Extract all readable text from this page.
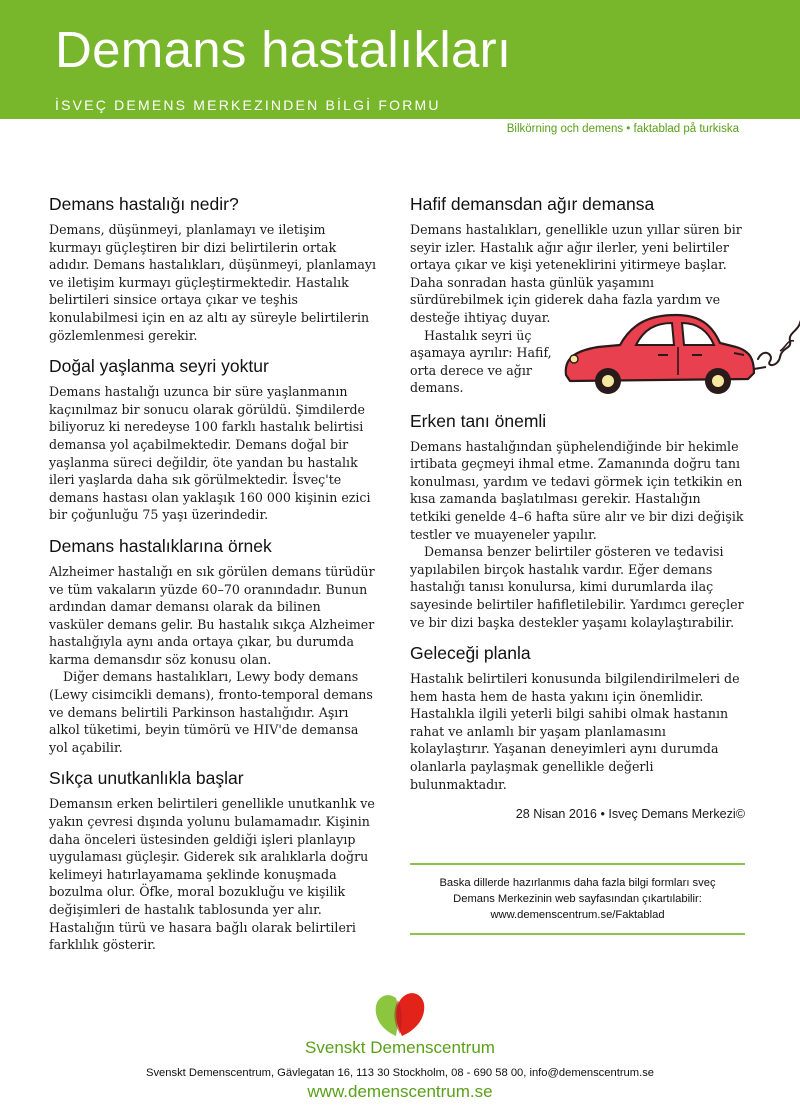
Demans hastalıkları

İSVEÇ DEMENS MERKEZINDEN BİLGİ FORMU

Bilkörning och demens • faktablad på turkiska

Demans hastalığı nedir?

Demans, düşünmeyi, planlamayı ve iletişim kurmayı güçleştiren bir dizi belirtilerin ortak adıdır. Demans hastalıkları, düşünmeyi, planlamayı ve iletişim kurmayı güçleştirmektedir. Hastalık belirtileri sinsice ortaya çıkar ve teşhis konulabilmesi için en az altı ay süreyle belirtilerin gözlemlenmesi gerekir.

Doğal yaşlanma seyri yoktur

Demans hastalığı uzunca bir süre yaşlanmanın kaçınılmaz bir sonucu olarak görüldü. Şimdilerde biliyoruz ki neredeyse 100 farklı hastalık belirtisi demansa yol açabilmektedir. Demans doğal bir yaşlanma süreci değildir, öte yandan bu hastalık ileri yaşlarda daha sık görülmektedir. İsveç'te demans hastası olan yaklaşık 160 000 kişinin ezici bir çoğunluğu 75 yaşı üzerindedir.

Demans hastalıklarına örnek

Alzheimer hastalığı en sık görülen demans türüdür ve tüm vakaların yüzde 60–70 oranındadır. Bunun ardından damar demansı olarak da bilinen vasküler demans gelir. Bu hastalık sıkça Alzheimer hastalığıyla aynı anda ortaya çıkar, bu durumda karma demansdır söz konusu olan.

Diğer demans hastalıkları, Lewy body demans (Lewy cisimcikli demans), fronto-temporal demans ve demans belirtili Parkinson hastalığıdır. Aşırı alkol tüketimi, beyin tümörü ve HIV'de demansa yol açabilir.

Sıkça unutkanlıkla başlar

Demansın erken belirtileri genellikle unutkanlık ve yakın çevresi dışında yolunu bulamamadır. Kişinin daha önceleri üstesinden geldiği işleri planlayıp uygulaması güçleşir. Giderek sık aralıklarla doğru kelimeyi hatırlayamama şeklinde konuşmada bozulma olur. Öfke, moral bozukluğu ve kişilik değişimleri de hastalık tablosunda yer alır. Hastalığın türü ve hasara bağlı olarak belirtileri farklılık gösterir.

Hafif demansdan ağır demansa

Demans hastalıkları, genellikle uzun yıllar süren bir seyir izler. Hastalık ağır ağır ilerler, yeni belirtiler ortaya çıkar ve kişi yeteneklirini yitirmeye başlar. Daha sonradan hasta günlük yaşamını sürdürebilmek için giderek daha fazla yardım ve desteğe ihtiyaç duyar.

Hastalık seyri üç aşamaya ayrılır: Hafif, orta derece ve ağır demans.

Erken tanı önemli

Demans hastalığından şüphelendiğinde bir hekimle irtibata geçmeyi ihmal etme. Zamanında doğru tanı konulması, yardım ve tedavi görmek için tetkikin en kısa zamanda başlatılması gerekir. Hastalığın tetkiki genelde 4–6 hafta süre alır ve bir dizi değişik testler ve muayeneler yapılır.

Demansa benzer belirtiler gösteren ve tedavisi yapılabilen birçok hastalık vardır. Eğer demans hastalığı tanısı konulursa, kimi durumlarda ilaç sayesinde belirtiler hafifletilebilir. Yardımcı gereçler ve bir dizi başka destekler yaşamı kolaylaştırabilir.

Geleceği planla

Hastalık belirtileri konusunda bilgilendirilmeleri de hem hasta hem de hasta yakını için önemlidir. Hastalıkla ilgili yeterli bilgi sahibi olmak hastanın rahat ve anlamlı bir yaşam planlamasını kolaylaştırır. Yaşanan deneyimleri aynı durumda olanlarla paylaşmak genellikle değerli bulunmaktadır.

28 Nisan 2016 • Isveç Demans Merkezi©

Baska dillerde hazırlanmıs daha fazla bilgi formları sveç
Demans Merkezinin web sayfasından çıkartılabilir:
www.demenscentrum.se/Faktablad

Svenskt Demenscentrum

Svenskt Demenscentrum, Gävlegatan 16, 113 30 Stockholm, 08 - 690 58 00, info@demenscentrum.se

www.demenscentrum.se
